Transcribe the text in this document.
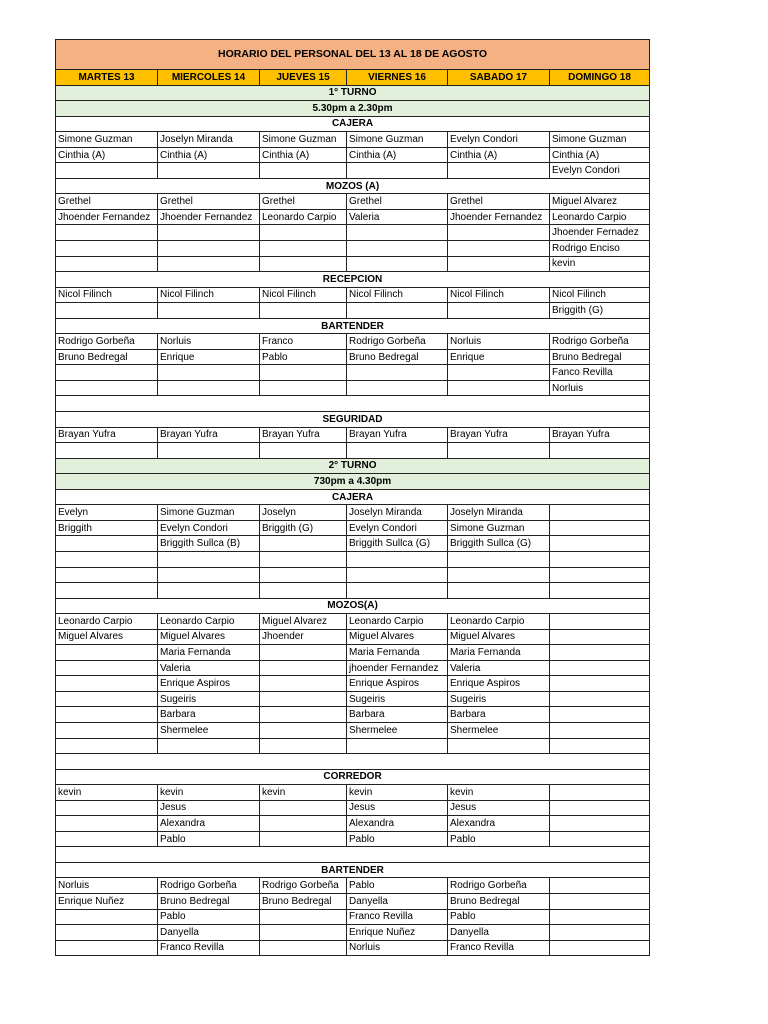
HORARIO DEL PERSONAL DEL 13 AL 18 DE AGOSTO					
MARTES 13	MIERCOLES 14	JUEVES 15	VIERNES 16	SABADO 17	DOMINGO 18
1° TURNO					
5.30pm a 2.30pm					
CAJERA					
Simone Guzman	Joselyn Miranda	Simone Guzman	Simone Guzman	Evelyn Condori	Simone Guzman
Cinthia (A)	Cinthia (A)	Cinthia (A)	Cinthia (A)	Cinthia (A)	Cinthia (A)
					Evelyn Condori
MOZOS (A)					
Grethel	Grethel	Grethel	Grethel	Grethel	Miguel Alvarez
Jhoender Fernandez	Jhoender Fernandez	Leonardo Carpio	Valeria	Jhoender Fernandez	Leonardo Carpio
					Jhoender Fernadez
					Rodrigo Enciso
					kevin
RECEPCION					
Nicol Filinch	Nicol Filinch	Nicol Filinch	Nicol Filinch	Nicol Filinch	Nicol Filinch
					Briggith (G)
BARTENDER					
Rodrigo Gorbeña	Norluis	Franco	Rodrigo Gorbeña	Norluis	Rodrigo Gorbeña
Bruno Bedregal	Enrique	Pablo	Bruno Bedregal	Enrique	Bruno Bedregal
					Fanco Revilla
					Norluis

SEGURIDAD					
Brayan Yufra	Brayan Yufra	Brayan Yufra	Brayan Yufra	Brayan Yufra	Brayan Yufra

2° TURNO					
730pm a 4.30pm					
CAJERA					
Evelyn	Simone Guzman	Joselyn	Joselyn Miranda	Joselyn Miranda	
Briggith	Evelyn Condori	Briggith (G)	Evelyn Condori	Simone Guzman	
	Briggith Sullca (B)		Briggith Sullca (G)	Briggith Sullca (G)	

MOZOS(A)					
Leonardo Carpio	Leonardo Carpio	Miguel Alvarez	Leonardo Carpio	Leonardo Carpio	
Miguel Alvares	Miguel Alvares	Jhoender	Miguel Alvares	Miguel Alvares	
	Maria Fernanda		Maria Fernanda	Maria Fernanda	
	Valeria		jhoender Fernandez	Valeria	
	Enrique Aspiros		Enrique Aspiros	Enrique Aspiros	
	Sugeiris		Sugeiris	Sugeiris	
	Barbara		Barbara	Barbara	
	Shermelee		Shermelee	Shermelee	

CORREDOR					
kevin	kevin	kevin	kevin	kevin	
	Jesus		Jesus	Jesus	
	Alexandra		Alexandra	Alexandra	
	Pablo		Pablo	Pablo	

BARTENDER					
Norluis	Rodrigo Gorbeña	Rodrigo Gorbeña	Pablo	Rodrigo Gorbeña	
Enrique Nuñez	Bruno Bedregal	Bruno Bedregal	Danyella	Bruno Bedregal	
	Pablo		Franco Revilla	Pablo	
	Danyella		Enrique Nuñez	Danyella	
	Franco Revilla		Norluis	Franco Revilla	
